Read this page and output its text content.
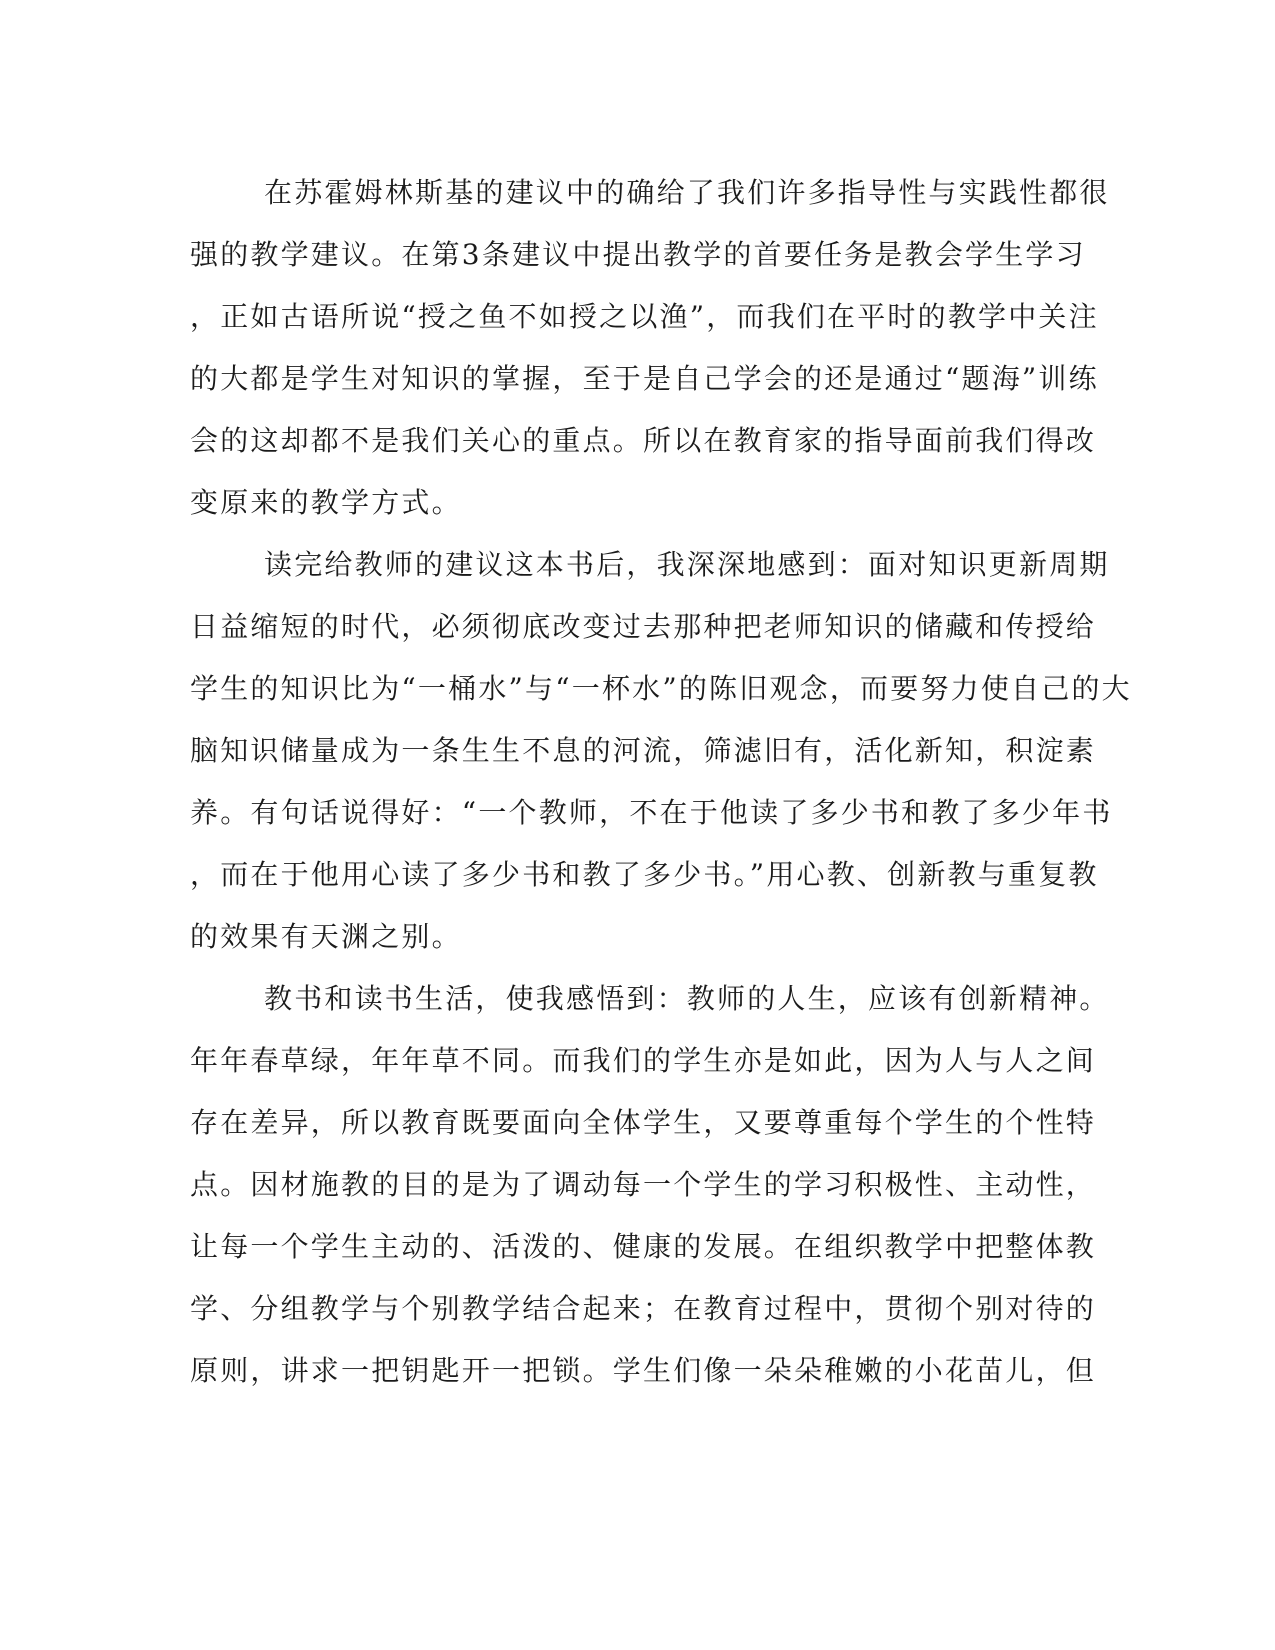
在苏霍姆林斯基的建议中的确给了我们许多指导性与实践性都很
强的教学建议。在第3条建议中提出教学的首要任务是教会学生学习
，正如古语所说“授之鱼不如授之以渔”，而我们在平时的教学中关注
的大都是学生对知识的掌握，至于是自己学会的还是通过“题海”训练
会的这却都不是我们关心的重点。所以在教育家的指导面前我们得改
变原来的教学方式。
读完给教师的建议这本书后，我深深地感到：面对知识更新周期
日益缩短的时代，必须彻底改变过去那种把老师知识的储藏和传授给
学生的知识比为“一桶水”与“一杯水”的陈旧观念，而要努力使自己的大
脑知识储量成为一条生生不息的河流，筛滤旧有，活化新知，积淀素
养。有句话说得好：“一个教师，不在于他读了多少书和教了多少年书
，而在于他用心读了多少书和教了多少书。”用心教、创新教与重复教
的效果有天渊之别。
教书和读书生活，使我感悟到：教师的人生，应该有创新精神。
年年春草绿，年年草不同。而我们的学生亦是如此，因为人与人之间
存在差异，所以教育既要面向全体学生，又要尊重每个学生的个性特
点。因材施教的目的是为了调动每一个学生的学习积极性、主动性，
让每一个学生主动的、活泼的、健康的发展。在组织教学中把整体教
学、分组教学与个别教学结合起来；在教育过程中，贯彻个别对待的
原则，讲求一把钥匙开一把锁。学生们像一朵朵稚嫩的小花苗儿，但
